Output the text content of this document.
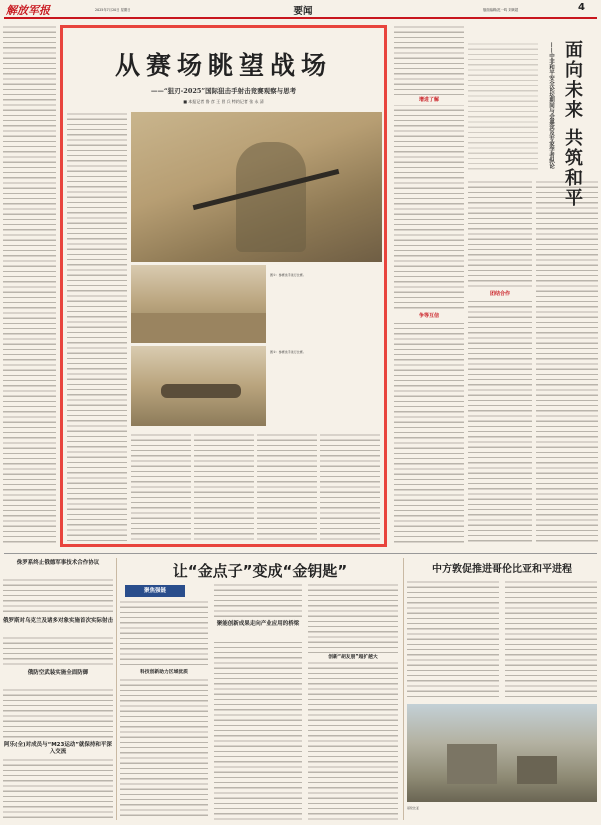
解放军报	2025年7月20日 星期日	要闻	版面编辑/范一鸣 刘黄超	4
从赛场眺望战场
——“狙刃-2025”国际狙击手射击竞赛观察与思考
■ 本报记者 鲁 彦 王 冒 兵 特约记者 张 永 清
图①：参赛选手进行比赛。
图②：参赛选手进行比赛。
增进了解
争等互信
团结合作
面向未来 共筑和平
——中非和平安全论坛期间与会嘉宾及专家学者纵论
侏罗系终止俄德军事技术合作协议
俄罗斯对乌克兰及诸多对象实施首次实际射击
俄防空武装实施全面防御
阿乐(全)对成员与“M23运动”就保持和平深入交流
让“金点子”变成“金钥匙”
聚焦强链
科技创新助力区域优质
聚能创新成果走向产业应用的桥梁
创新“胡友朋”超扩越大
中方敦促推进哥伦比亚和平进程
哥伦比亚
